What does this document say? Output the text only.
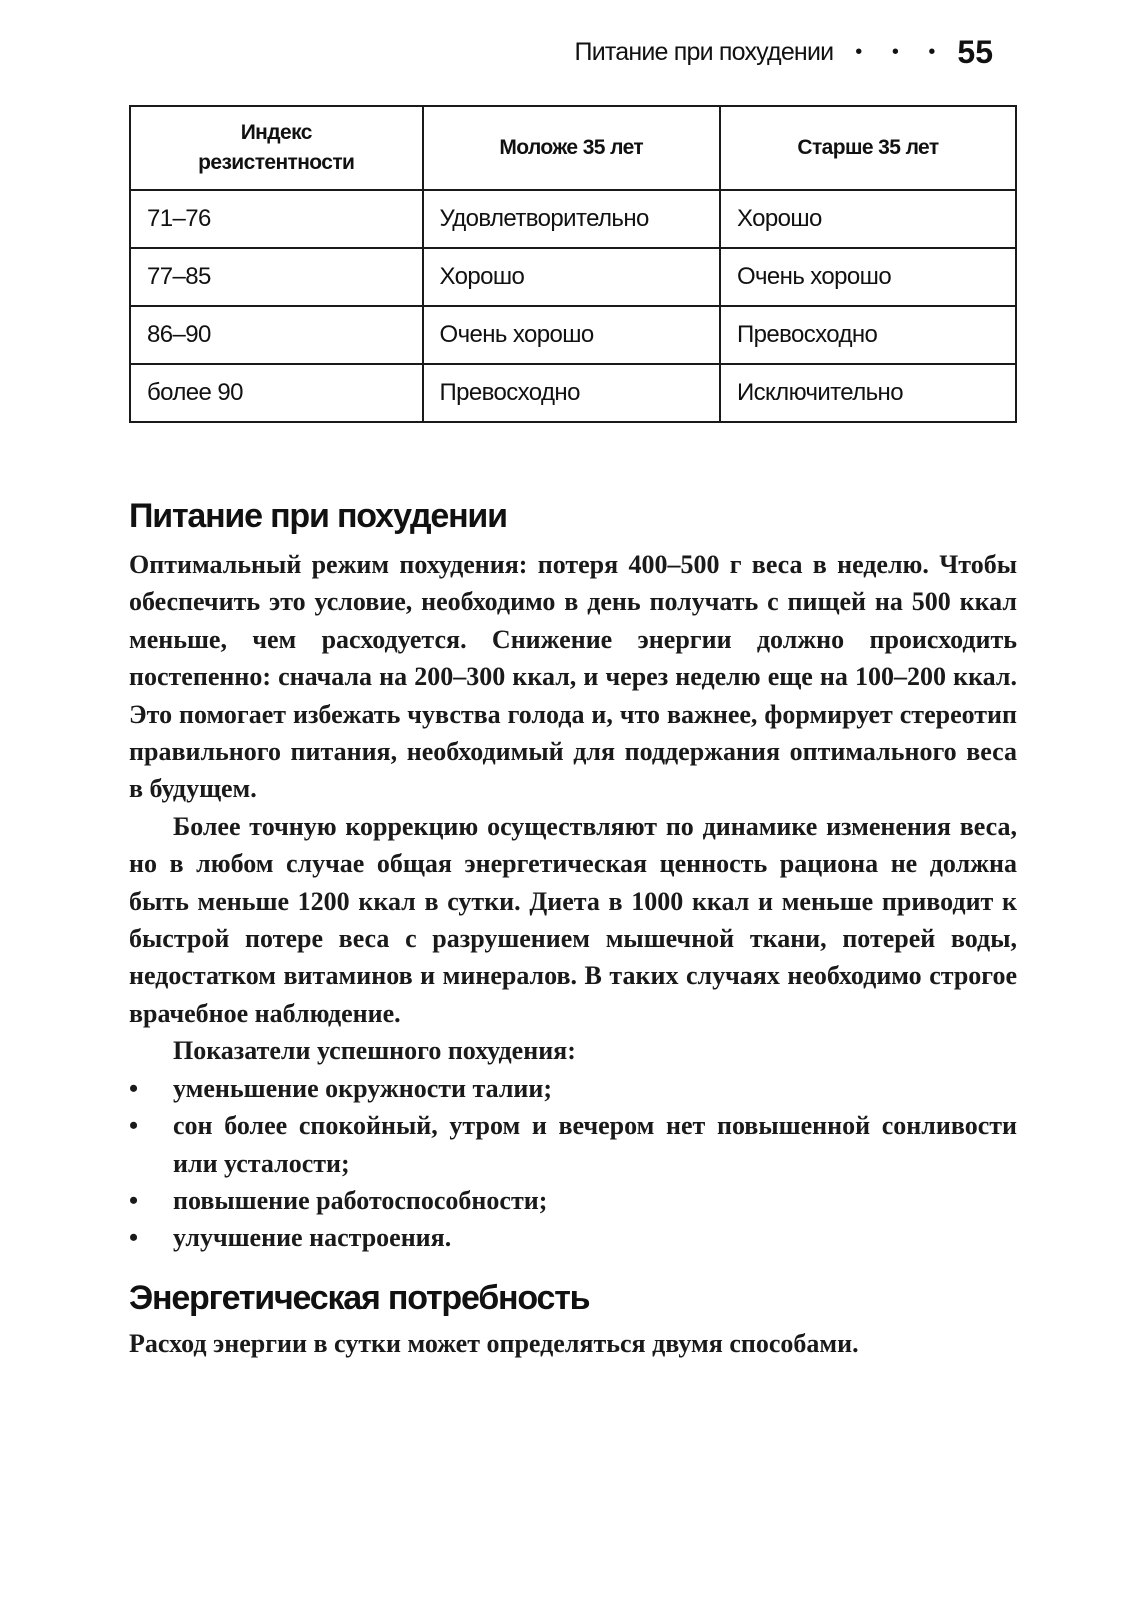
Питание при похудении • • • 55
Индекс резистентности	Моложе 35 лет	Старше 35 лет
71–76	Удовлетворительно	Хорошо
77–85	Хорошо	Очень хорошо
86–90	Очень хорошо	Превосходно
более 90	Превосходно	Исключительно
Питание при похудении

Оптимальный режим похудения: потеря 400–500 г веса в неделю. Чтобы обеспечить это условие, необходимо в день получать с пищей на 500 ккал меньше, чем расходуется. Снижение энергии должно происходить постепенно: сначала на 200–300 ккал, и через неделю еще на 100–200 ккал. Это помогает избежать чувства голода и, что важнее, формирует стереотип правильного питания, необходимый для поддержания оптимального веса в будущем.

Более точную коррекцию осуществляют по динамике изменения веса, но в любом случае общая энергетическая ценность рациона не должна быть меньше 1200 ккал в сутки. Диета в 1000 ккал и меньше приводит к быстрой потере веса с разрушением мышечной ткани, потерей воды, недостатком витаминов и минералов. В таких случаях необходимо строгое врачебное наблюдение.

Показатели успешного похудения:

• уменьшение окружности талии;
• сон более спокойный, утром и вечером нет повышенной сонливости или усталости;
• повышение работоспособности;
• улучшение настроения.
Энергетическая потребность

Расход энергии в сутки может определяться двумя способами.
